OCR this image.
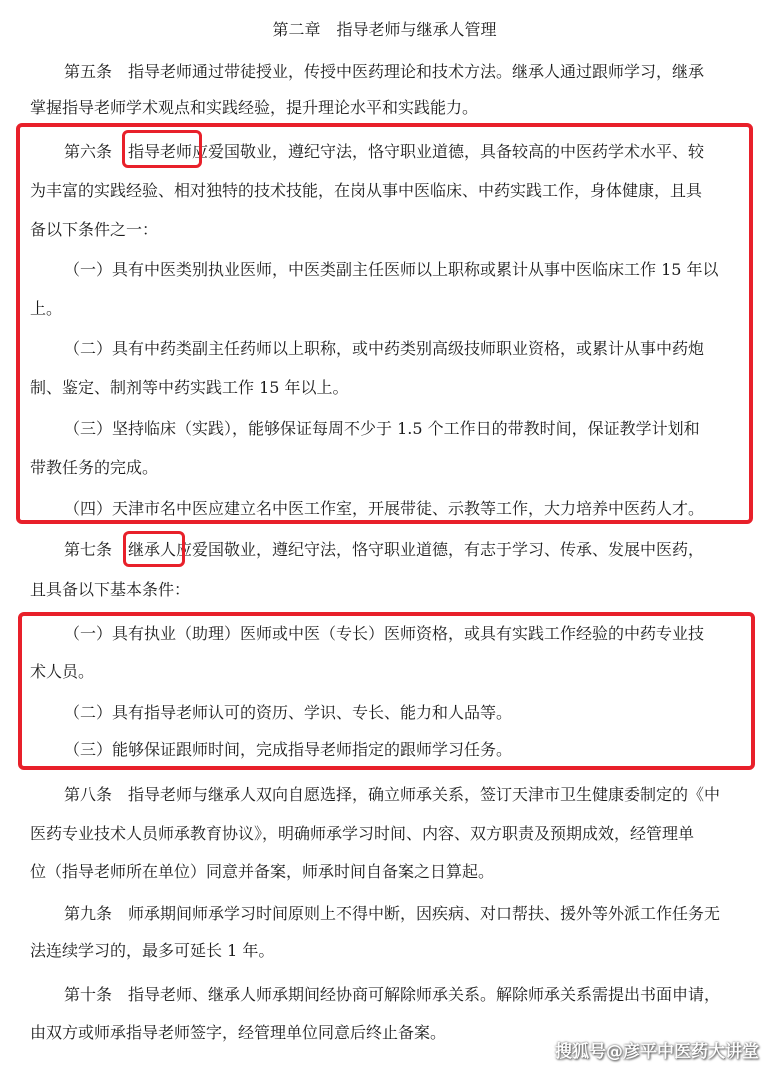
第二章　指导老师与继承人管理
第五条　指导老师通过带徒授业，传授中医药理论和技术方法。继承人通过跟师学习，继承
掌握指导老师学术观点和实践经验，提升理论水平和实践能力。
第六条　指导老师应爱国敬业，遵纪守法，恪守职业道德，具备较高的中医药学术水平、较
为丰富的实践经验、相对独特的技术技能，在岗从事中医临床、中药实践工作，身体健康，且具
备以下条件之一：
（一）具有中医类别执业医师，中医类副主任医师以上职称或累计从事中医临床工作 15 年以
上。
（二）具有中药类副主任药师以上职称，或中药类别高级技师职业资格，或累计从事中药炮
制、鉴定、制剂等中药实践工作 15 年以上。
（三）坚持临床（实践），能够保证每周不少于 1.5 个工作日的带教时间，保证教学计划和
带教任务的完成。
（四）天津市名中医应建立名中医工作室，开展带徒、示教等工作，大力培养中医药人才。
第七条　继承人应爱国敬业，遵纪守法，恪守职业道德，有志于学习、传承、发展中医药，
且具备以下基本条件：
（一）具有执业（助理）医师或中医（专长）医师资格，或具有实践工作经验的中药专业技
术人员。
（二）具有指导老师认可的资历、学识、专长、能力和人品等。
（三）能够保证跟师时间，完成指导老师指定的跟师学习任务。
第八条　指导老师与继承人双向自愿选择，确立师承关系，签订天津市卫生健康委制定的《中
医药专业技术人员师承教育协议》，明确师承学习时间、内容、双方职责及预期成效，经管理单
位（指导老师所在单位）同意并备案，师承时间自备案之日算起。
第九条　师承期间师承学习时间原则上不得中断，因疾病、对口帮扶、援外等外派工作任务无
法连续学习的，最多可延长 1 年。
第十条　指导老师、继承人师承期间经协商可解除师承关系。解除师承关系需提出书面申请，
由双方或师承指导老师签字，经管理单位同意后终止备案。
搜狐号@彦平中医药大讲堂
